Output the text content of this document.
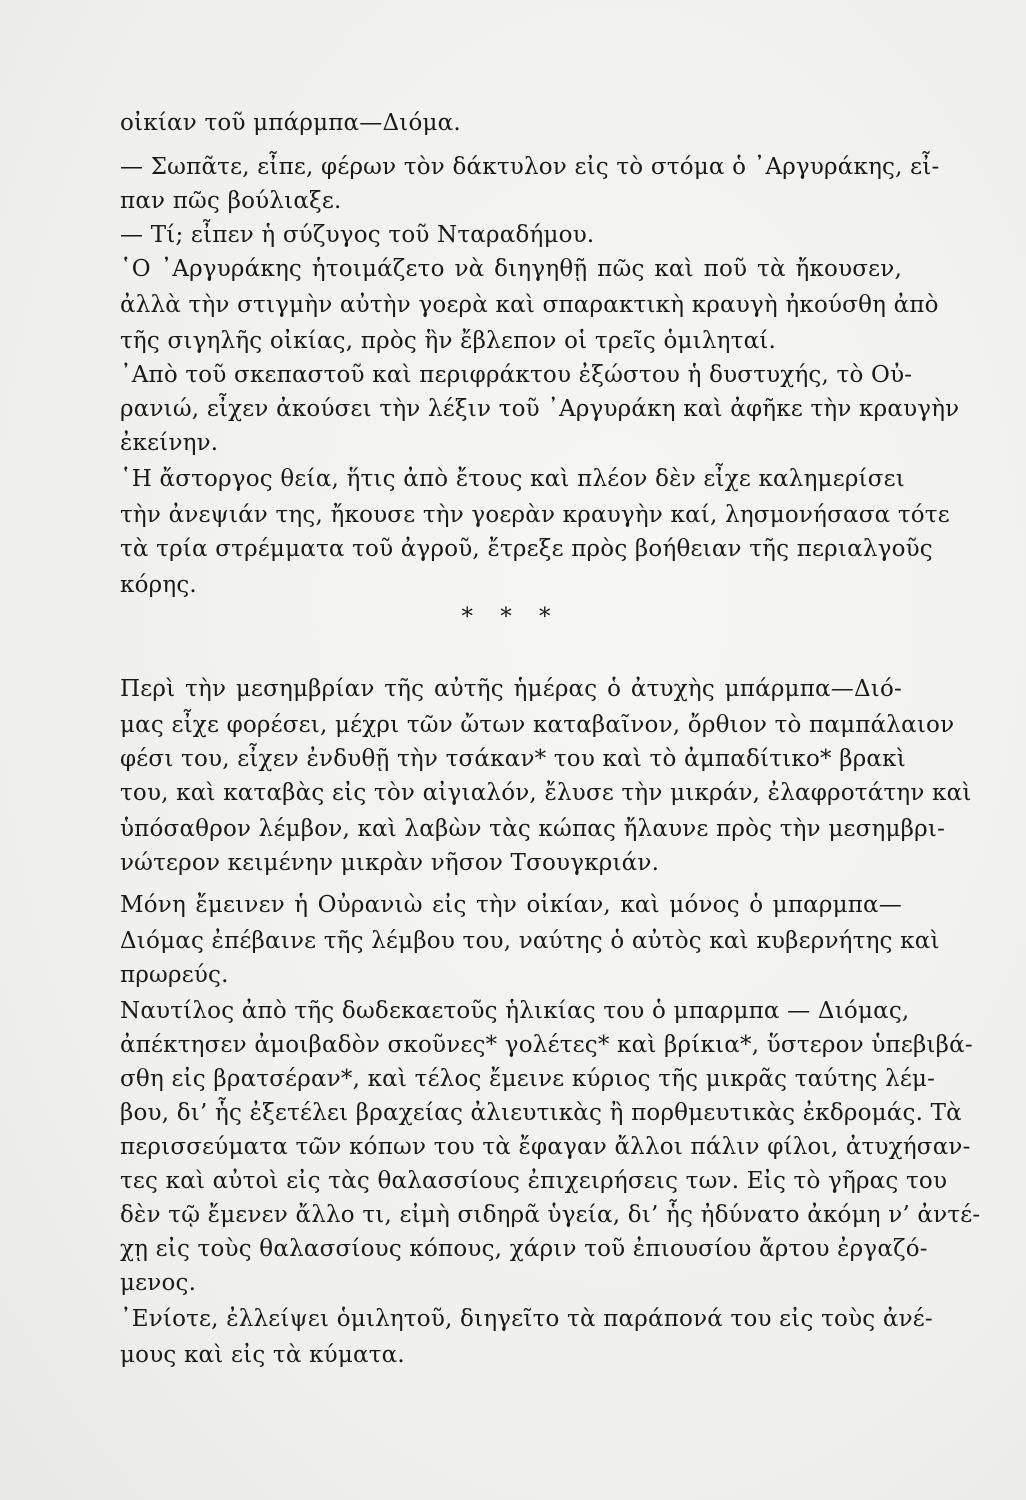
οἰκίαν τοῦ μπάρμπα—Διόμα.
— Σωπᾶτε, εἶπε, φέρων τὸν δάκτυλον εἰς τὸ στόμα ὁ ᾿Αργυράκης, εἶ-
παν πῶς βούλιαξε.
— Τί; εἶπεν ἡ σύζυγος τοῦ Νταραδήμου.
῾Ο ᾿Αργυράκης ἡτοιμάζετο νὰ διηγηθῇ πῶς καὶ ποῦ τὰ ἤκουσεν,
ἀλλὰ τὴν στιγμὴν αὐτὴν γοερὰ καὶ σπαρακτικὴ κραυγὴ ἠκούσθη ἀπὸ
τῆς σιγηλῆς οἰκίας, πρὸς ἣν ἔβλεπον οἱ τρεῖς ὁμιληταί.
᾿Απὸ τοῦ σκεπαστοῦ καὶ περιφράκτου ἐξώστου ἡ δυστυχής, τὸ Οὐ-
ρανιώ, εἶχεν ἀκούσει τὴν λέξιν τοῦ ᾿Αργυράκη καὶ ἀφῆκε τὴν κραυγὴν
ἐκείνην.
῾Η ἄστοργος θεία, ἥτις ἀπὸ ἔτους καὶ πλέον δὲν εἶχε καλημερίσει
τὴν ἀνεψιάν της, ἤκουσε τὴν γοερὰν κραυγὴν καί, λησμονήσασα τότε
τὰ τρία στρέμματα τοῦ ἀγροῦ, ἔτρεξε πρὸς βοήθειαν τῆς περιαλγοῦς
κόρης.
* * *
Περὶ τὴν μεσημβρίαν τῆς αὐτῆς ἡμέρας ὁ ἀτυχὴς μπάρμπα—Διό-
μας εἶχε φορέσει, μέχρι τῶν ὤτων καταβαῖνον, ὄρθιον τὸ παμπάλαιον
φέσι του, εἶχεν ἐνδυθῇ τὴν τσάκαν* του καὶ τὸ ἀμπαδίτικο* βρακὶ
του, καὶ καταβὰς εἰς τὸν αἰγιαλόν, ἔλυσε τὴν μικράν, ἐλαφροτάτην καὶ
ὑπόσαθρον λέμβον, καὶ λαβὼν τὰς κώπας ἤλαυνε πρὸς τὴν μεσημβρι-
νώτερον κειμένην μικρὰν νῆσον Τσουγκριάν.
Μόνη ἔμεινεν ἡ Οὐρανιὼ εἰς τὴν οἰκίαν, καὶ μόνος ὁ μπαρμπα—
Διόμας ἐπέβαινε τῆς λέμβου του, ναύτης ὁ αὐτὸς καὶ κυβερνήτης καὶ
πρωρεύς.
Ναυτίλος ἀπὸ τῆς δωδεκαετοῦς ἡλικίας του ὁ μπαρμπα — Διόμας,
ἀπέκτησεν ἀμοιβαδὸν σκοῦνες* γολέτες* καὶ βρίκια*, ὕστερον ὑπεβιβά-
σθη εἰς βρατσέραν*, καὶ τέλος ἔμεινε κύριος τῆς μικρᾶς ταύτης λέμ-
βου, δι’ ἧς ἐξετέλει βραχείας ἀλιευτικὰς ἢ πορθμευτικὰς ἐκδρομάς. Τὰ
περισσεύματα τῶν κόπων του τὰ ἔφαγαν ἄλλοι πάλιν φίλοι, ἀτυχήσαν-
τες καὶ αὐτοὶ εἰς τὰς θαλασσίους ἐπιχειρήσεις των. Εἰς τὸ γῆρας του
δὲν τῷ ἔμενεν ἄλλο τι, εἰμὴ σιδηρᾶ ὑγεία, δι’ ἧς ἠδύνατο ἀκόμη ν’ ἀντέ-
χῃ εἰς τοὺς θαλασσίους κόπους, χάριν τοῦ ἐπιουσίου ἄρτου ἐργαζό-
μενος.
᾿Ενίοτε, ἐλλείψει ὁμιλητοῦ, διηγεῖτο τὰ παράπονά του εἰς τοὺς ἀνέ-
μους καὶ εἰς τὰ κύματα.
